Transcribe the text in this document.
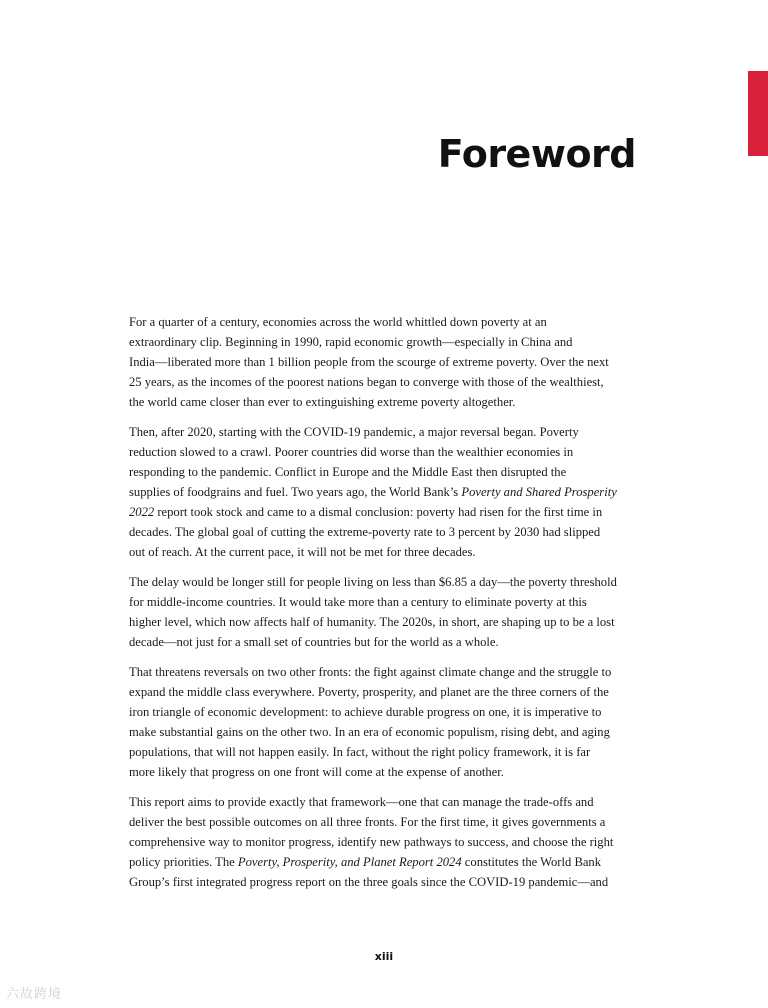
Foreword

For a quarter of a century, economies across the world whittled down poverty at an
extraordinary clip. Beginning in 1990, rapid economic growth—especially in China and
India—liberated more than 1 billion people from the scourge of extreme poverty. Over the next
25 years, as the incomes of the poorest nations began to converge with those of the wealthiest,
the world came closer than ever to extinguishing extreme poverty altogether.

Then, after 2020, starting with the COVID-19 pandemic, a major reversal began. Poverty
reduction slowed to a crawl. Poorer countries did worse than the wealthier economies in
responding to the pandemic. Conflict in Europe and the Middle East then disrupted the
supplies of foodgrains and fuel. Two years ago, the World Bank’s Poverty and Shared Prosperity
2022 report took stock and came to a dismal conclusion: poverty had risen for the first time in
decades. The global goal of cutting the extreme-poverty rate to 3 percent by 2030 had slipped
out of reach. At the current pace, it will not be met for three decades.

The delay would be longer still for people living on less than $6.85 a day—the poverty threshold
for middle-income countries. It would take more than a century to eliminate poverty at this
higher level, which now affects half of humanity. The 2020s, in short, are shaping up to be a lost
decade—not just for a small set of countries but for the world as a whole.

That threatens reversals on two other fronts: the fight against climate change and the struggle to
expand the middle class everywhere. Poverty, prosperity, and planet are the three corners of the
iron triangle of economic development: to achieve durable progress on one, it is imperative to
make substantial gains on the other two. In an era of economic populism, rising debt, and aging
populations, that will not happen easily. In fact, without the right policy framework, it is far
more likely that progress on one front will come at the expense of another.

This report aims to provide exactly that framework—one that can manage the trade-offs and
deliver the best possible outcomes on all three fronts. For the first time, it gives governments a
comprehensive way to monitor progress, identify new pathways to success, and choose the right
policy priorities. The Poverty, Prosperity, and Planet Report 2024 constitutes the World Bank
Group’s first integrated progress report on the three goals since the COVID-19 pandemic—and

xiii
六故跨境
